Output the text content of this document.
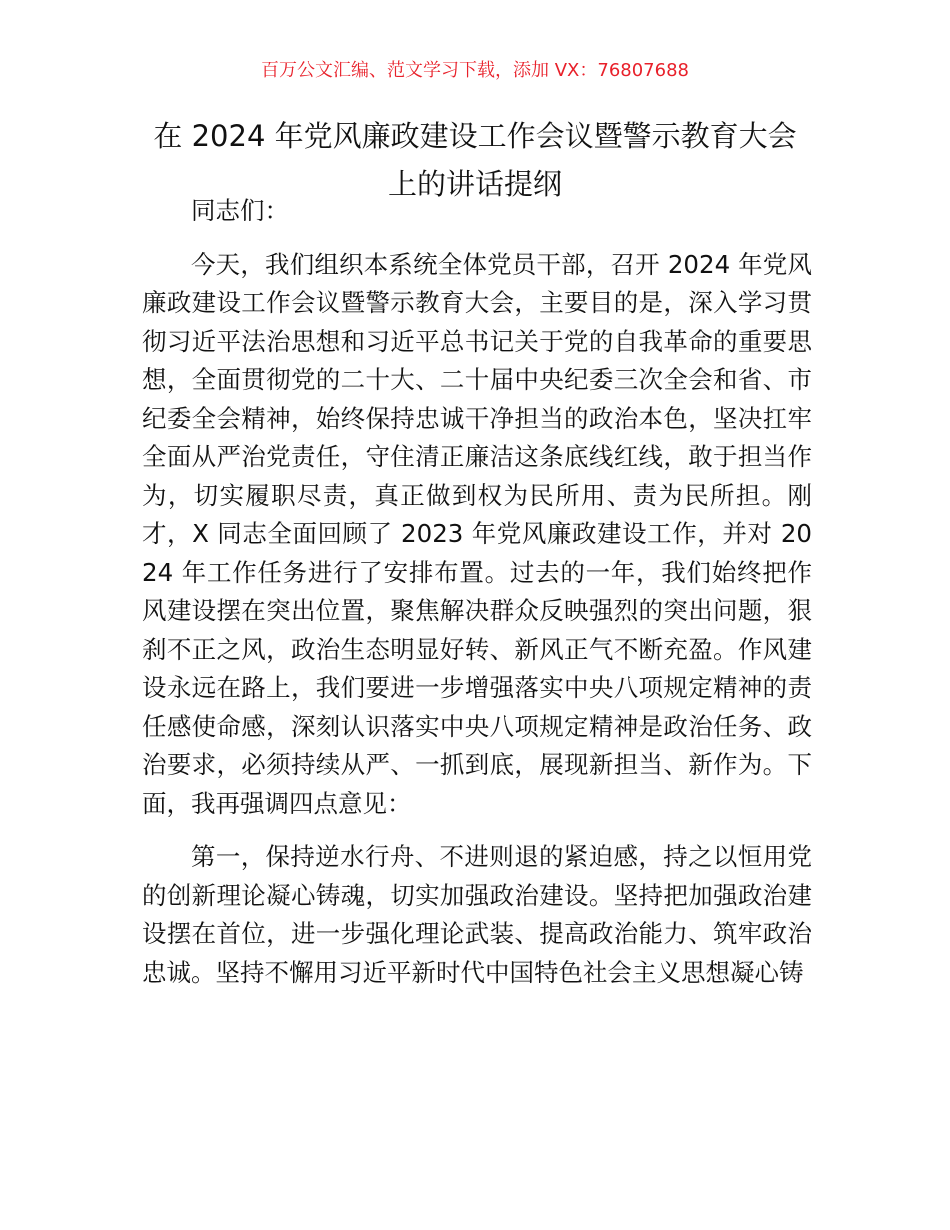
百万公文汇编、范文学习下载，添加 VX：76807688
在 2024 年党风廉政建设工作会议暨警示教育大会上的讲话提纲

同志们：

今天，我们组织本系统全体党员干部，召开 2024 年党风廉政建设工作会议暨警示教育大会，主要目的是，深入学习贯彻习近平法治思想和习近平总书记关于党的自我革命的重要思想，全面贯彻党的二十大、二十届中央纪委三次全会和省、市纪委全会精神，始终保持忠诚干净担当的政治本色，坚决扛牢全面从严治党责任，守住清正廉洁这条底线红线，敢于担当作为，切实履职尽责，真正做到权为民所用、责为民所担。刚才，X 同志全面回顾了 2023 年党风廉政建设工作，并对 2024 年工作任务进行了安排布置。过去的一年，我们始终把作风建设摆在突出位置，聚焦解决群众反映强烈的突出问题，狠刹不正之风，政治生态明显好转、新风正气不断充盈。作风建设永远在路上，我们要进一步增强落实中央八项规定精神的责任感使命感，深刻认识落实中央八项规定精神是政治任务、政治要求，必须持续从严、一抓到底，展现新担当、新作为。下面，我再强调四点意见：

第一，保持逆水行舟、不进则退的紧迫感，持之以恒用党的创新理论凝心铸魂，切实加强政治建设。坚持把加强政治建设摆在首位，进一步强化理论武装、提高政治能力、筑牢政治忠诚。坚持不懈用习近平新时代中国特色社会主义思想凝心铸
